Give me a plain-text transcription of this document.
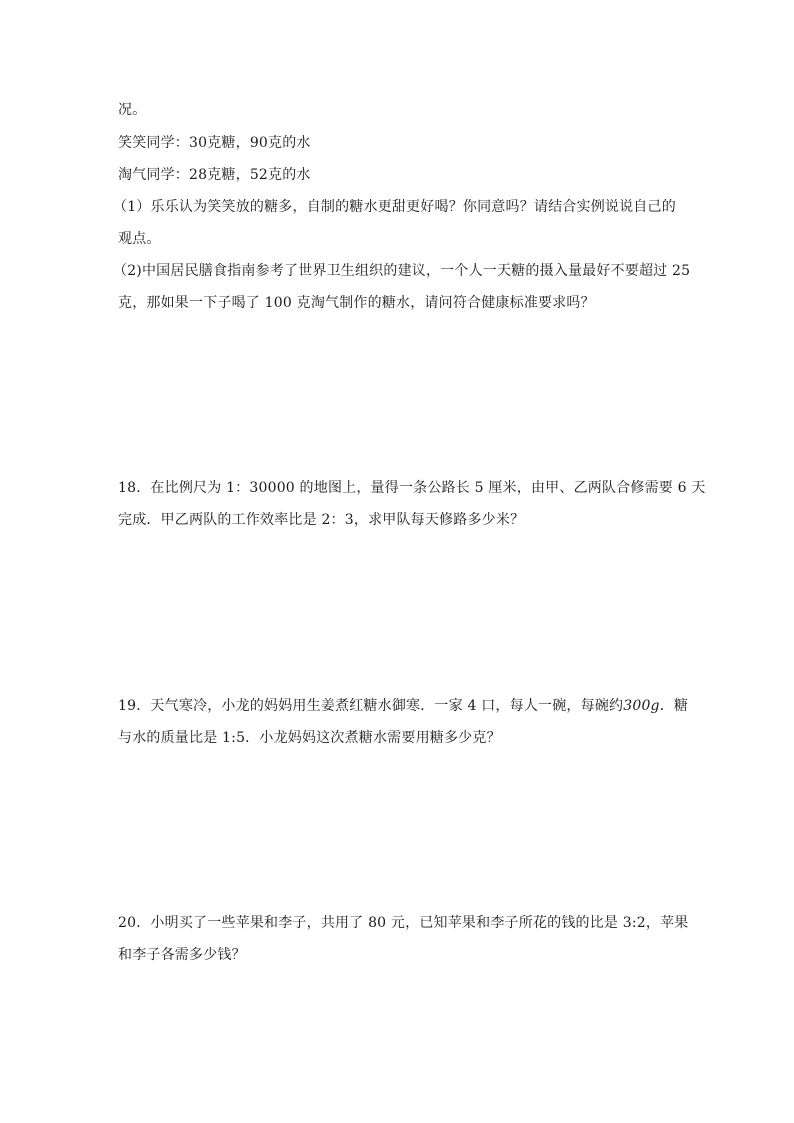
况。
笑笑同学：30克糖，90克的水
淘气同学：28克糖，52克的水
（1）乐乐认为笑笑放的糖多，自制的糖水更甜更好喝？你同意吗？请结合实例说说自己的
观点。
（2)中国居民膳食指南参考了世界卫生组织的建议，一个人一天糖的摄入量最好不要超过 25
克，那如果一下子喝了 100 克淘气制作的糖水，请问符合健康标准要求吗？
18．在比例尺为 1：30000 的地图上，量得一条公路长 5 厘米，由甲、乙两队合修需要 6 天
完成．甲乙两队的工作效率比是 2：3，求甲队每天修路多少米？
19．天气寒冷，小龙的妈妈用生姜煮红糖水御寒．一家 4 口，每人一碗，每碗约300g．糖
与水的质量比是 1:5．小龙妈妈这次煮糖水需要用糖多少克？
20．小明买了一些苹果和李子，共用了 80 元，已知苹果和李子所花的钱的比是 3:2，苹果
和李子各需多少钱？
